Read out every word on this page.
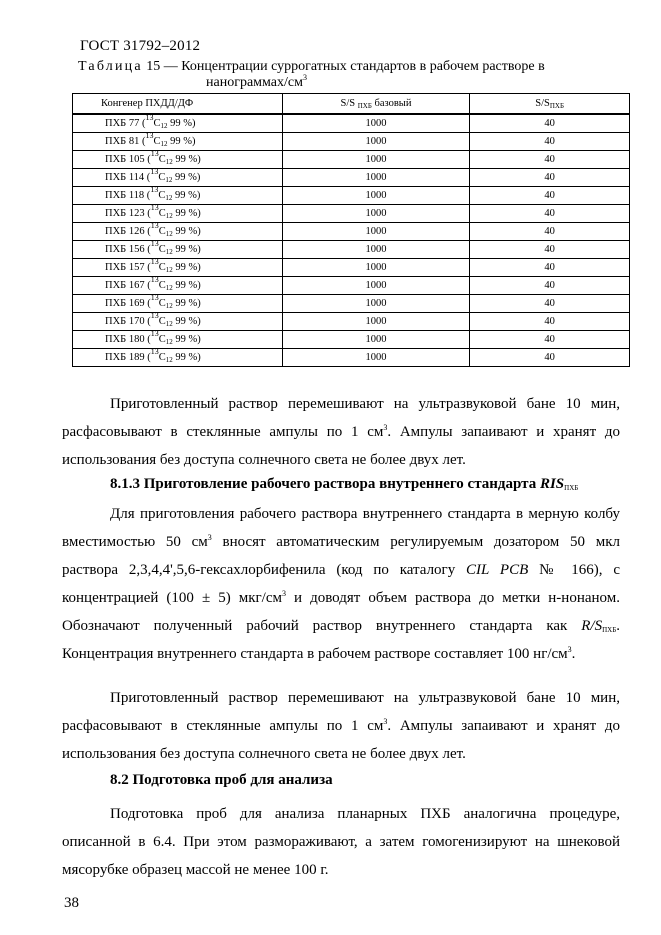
ГОСТ 31792–2012
Таблица 15 — Концентрации суррогатных стандартов в рабочем растворе в
нанограммах/$см^3$
Конгенер ПХДД/ДФ	S/S $_{ПХБ}$ базовый	$S/S_{ПХБ}$
ПХБ 77 ($^{13}С_{12}$ 99 %)	1000	40
ПХБ 81 ($^{13}С_{12}$ 99 %)	1000	40
ПХБ 105 ($^{13}С_{12}$ 99 %)	1000	40
ПХБ 114 ($^{13}С_{12}$ 99 %)	1000	40
ПХБ 118 ($^{13}С_{12}$ 99 %)	1000	40
ПХБ 123 ($^{13}С_{12}$ 99 %)	1000	40
ПХБ 126 ($^{13}С_{12}$ 99 %)	1000	40
ПХБ 156 ($^{13}С_{12}$ 99 %)	1000	40
ПХБ 157 ($^{13}С_{12}$ 99 %)	1000	40
ПХБ 167 ($^{13}С_{12}$ 99 %)	1000	40
ПХБ 169 ($^{13}С_{12}$ 99 %)	1000	40
ПХБ 170 ($^{13}С_{12}$ 99 %)	1000	40
ПХБ 180 ($^{13}С_{12}$ 99 %)	1000	40
ПХБ 189 ($^{13}С_{12}$ 99 %)	1000	40

Приготовленный раствор перемешивают на ультразвуковой бане 10 мин, расфасовывают в стеклянные ампулы по 1 $см^3$. Ампулы запаивают и хранят до использования без доступа солнечного света не более двух лет.

8.1.3 Приготовление рабочего раствора внутреннего стандарта $RIS_{ПХБ}$

Для приготовления рабочего раствора внутреннего стандарта в мерную колбу вместимостью 50 $см^3$ вносят автоматическим регулируемым дозатором 50 мкл раствора 2,3,4,4',5,6-гексахлорбифенила (код по каталогу CIL PCB № 166), с концентрацией (100 ± 5) мкг/$см^3$ и доводят объем раствора до метки н-нонаном. Обозначают полученный рабочий раствор внутреннего стандарта как $R/S_{ПХБ}$. Концентрация внутреннего стандарта в рабочем растворе составляет 100 $нг/см^3$.

Приготовленный раствор перемешивают на ультразвуковой бане 10 мин, расфасовывают в стеклянные ампулы по 1 $см^3$. Ампулы запаивают и хранят до использования без доступа солнечного света не более двух лет.

8.2 Подготовка проб для анализа

Подготовка проб для анализа планарных ПХБ аналогична процедуре, описанной в 6.4. При этом размораживают, а затем гомогенизируют на шнековой мясорубке образец массой не менее 100 г.

38
